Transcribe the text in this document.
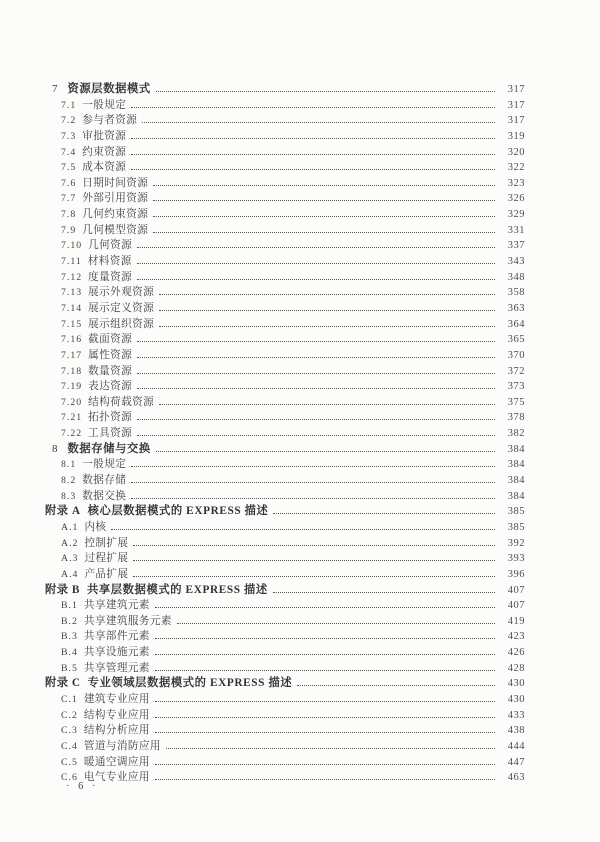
7 资源层数据模式	317
7.1 一般规定	317
7.2 参与者资源	317
7.3 审批资源	319
7.4 约束资源	320
7.5 成本资源	322
7.6 日期时间资源	323
7.7 外部引用资源	326
7.8 几何约束资源	329
7.9 几何模型资源	331
7.10 几何资源	337
7.11 材料资源	343
7.12 度量资源	348
7.13 展示外观资源	358
7.14 展示定义资源	363
7.15 展示组织资源	364
7.16 截面资源	365
7.17 属性资源	370
7.18 数量资源	372
7.19 表达资源	373
7.20 结构荷载资源	375
7.21 拓扑资源	378
7.22 工具资源	382
8 数据存储与交换	384
8.1 一般规定	384
8.2 数据存储	384
8.3 数据交换	384
附录 A 核心层数据模式的 EXPRESS 描述	385
A.1 内核	385
A.2 控制扩展	392
A.3 过程扩展	393
A.4 产品扩展	396
附录 B 共享层数据模式的 EXPRESS 描述	407
B.1 共享建筑元素	407
B.2 共享建筑服务元素	419
B.3 共享部件元素	423
B.4 共享设施元素	426
B.5 共享管理元素	428
附录 C 专业领域层数据模式的 EXPRESS 描述	430
C.1 建筑专业应用	430
C.2 结构专业应用	433
C.3 结构分析应用	438
C.4 管道与消防应用	444
C.5 暖通空调应用	447
C.6 电气专业应用	463
· 6 ·
